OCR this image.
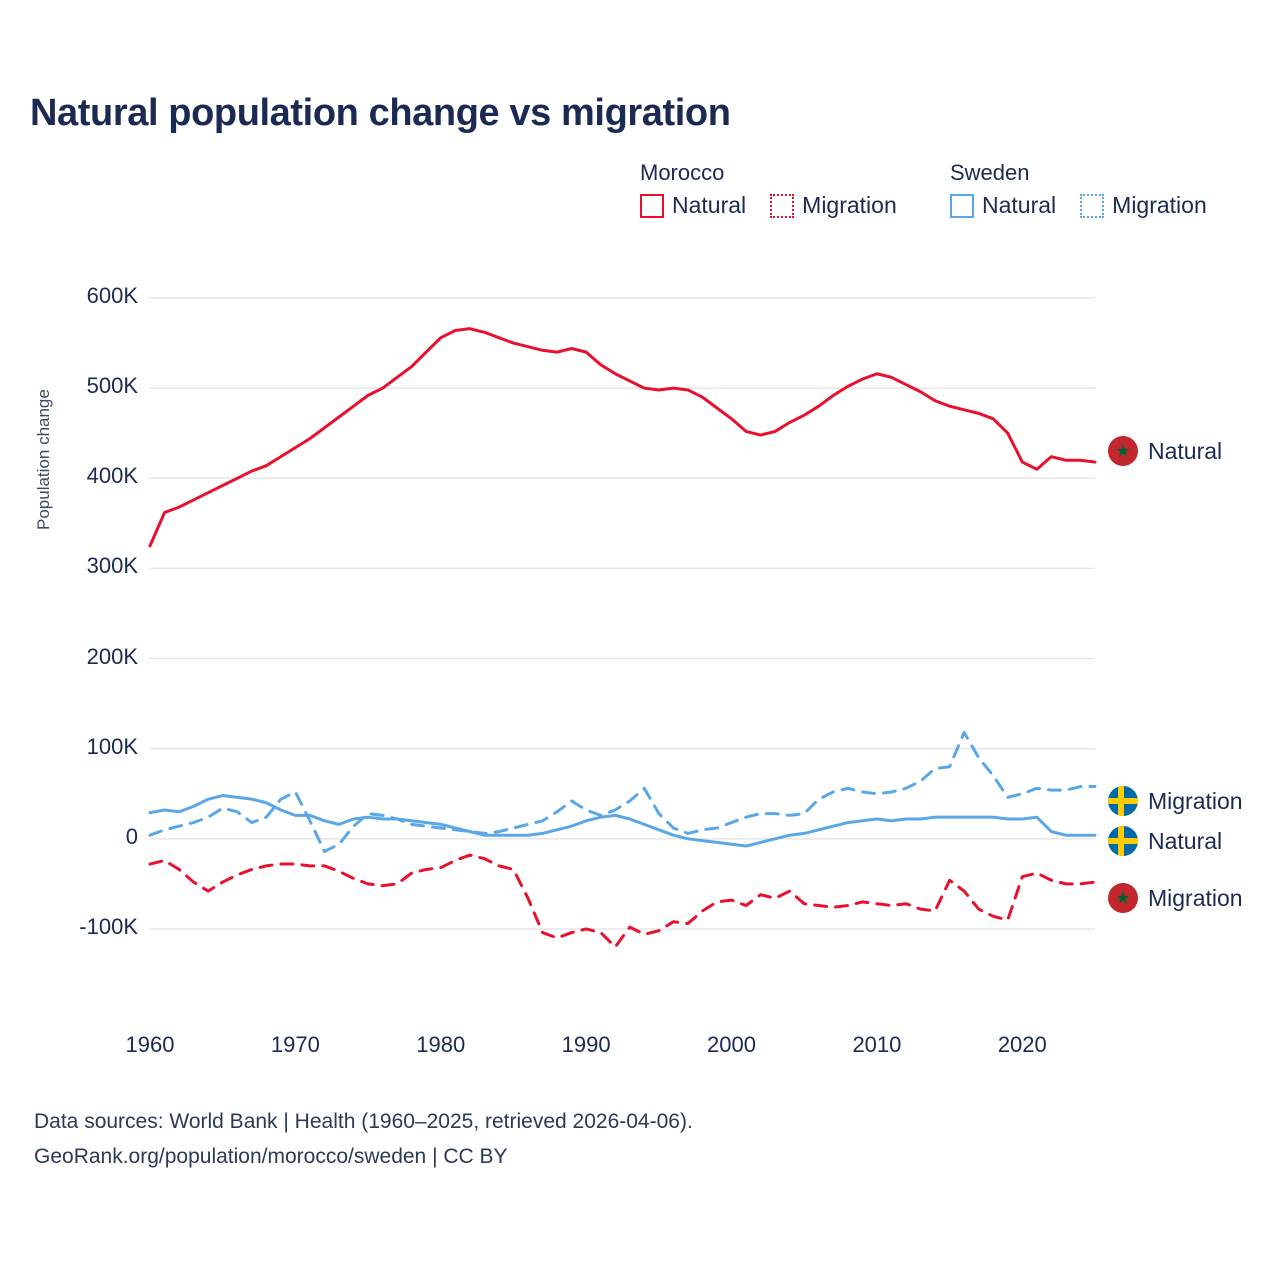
Natural population change vs migration
Morocco
Natural Migration
Sweden
Natural Migration
Population change
600K
500K
400K
300K
200K
100K
0
-100K
1960	1970	1980	1990	2000	2010	2020
★
Natural
Migration
Natural
★
Migration
Data sources: World Bank | Health (1960–2025, retrieved 2026-04-06).
GeoRank.org/population/morocco/sweden | CC BY
